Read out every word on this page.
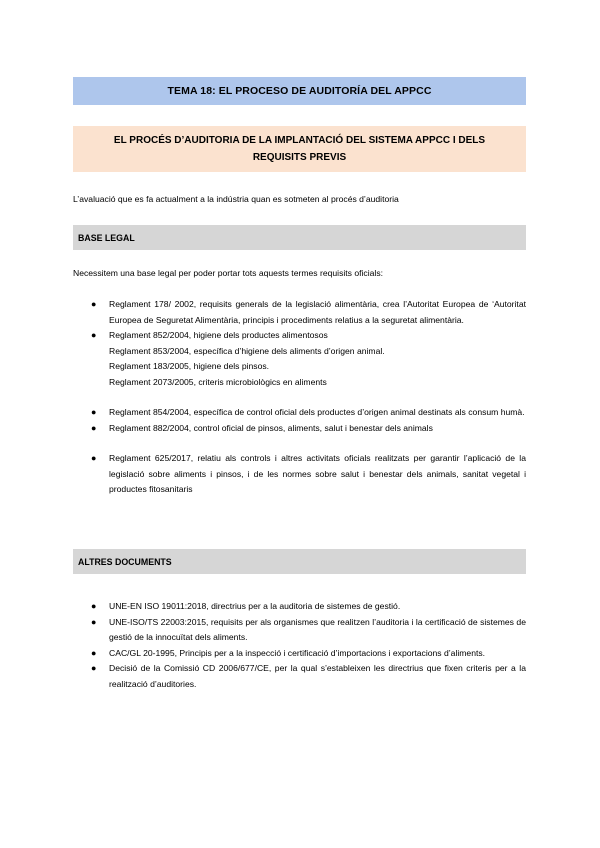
TEMA 18: EL PROCESO DE AUDITORÍA DEL APPCC
EL PROCÉS D’AUDITORIA DE LA IMPLANTACIÓ DEL SISTEMA APPCC I DELS
REQUISITS PREVIS
L’avaluació que es fa actualment a la indústria quan es sotmeten al procés d’auditoria
BASE LEGAL
Necessitem una base legal per poder portar tots aquests termes requisits oficials:
● Reglament 178/ 2002, requisits generals de la legislació alimentària, crea l’Autoritat Europea de ‘Autoritat Europea de Seguretat Alimentària, principis i procediments relatius a la seguretat alimentària.
● Reglament 852/2004, higiene dels productes alimentosos
Reglament 853/2004, específica d’higiene dels aliments d’origen animal.
Reglament 183/2005, higiene dels pinsos.
Reglament 2073/2005, criteris microbiològics en aliments
● Reglament 854/2004, específica de control oficial dels productes d’origen animal destinats als consum humà.
● Reglament 882/2004, control oficial de pinsos, aliments, salut i benestar dels animals
● Reglament 625/2017, relatiu als controls i altres activitats oficials realitzats per garantir l’aplicació de la legislació sobre aliments i pinsos, i de les normes sobre salut i benestar dels animals, sanitat vegetal i productes fitosanitaris
ALTRES DOCUMENTS
● UNE-EN ISO 19011:2018, directrius per a la auditoria de sistemes de gestió.
● UNE-ISO/TS 22003:2015, requisits per als organismes que realitzen l’auditoria i la certificació de sistemes de gestió de la innocuïtat dels aliments.
● CAC/GL 20-1995, Principis per a la inspecció i certificació d’importacions i exportacions d’aliments.
● Decisió de la Comissió CD 2006/677/CE, per la qual s’estableixen les directrius que fixen criteris per a la realització d’auditories.
